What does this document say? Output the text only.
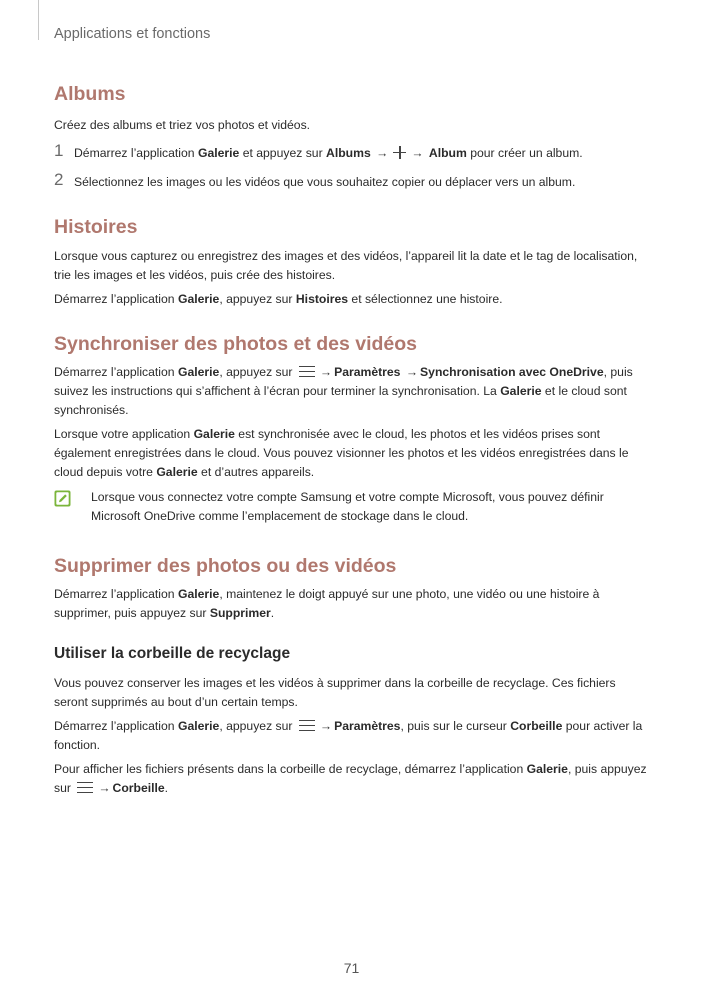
Applications et fonctions
Albums

Créez des albums et triez vos photos et vidéos.

1 Démarrez l’application Galerie et appuyez sur Albums → → Album pour créer un album.
2 Sélectionnez les images ou les vidéos que vous souhaitez copier ou déplacer vers un album.
Histoires

Lorsque vous capturez ou enregistrez des images et des vidéos, l’appareil lit la date et le tag de localisation, trie les images et les vidéos, puis crée des histoires.

Démarrez l’application Galerie, appuyez sur Histoires et sélectionnez une histoire.

Synchroniser des photos et des vidéos

Démarrez l’application Galerie, appuyez sur
→ Paramètres → Synchronisation avec OneDrive, puis suivez les instructions qui s’affichent à l’écran pour terminer la synchronisation. La Galerie et le cloud sont synchronisés.

Lorsque votre application Galerie est synchronisée avec le cloud, les photos et les vidéos prises sont également enregistrées dans le cloud. Vous pouvez visionner les photos et les vidéos enregistrées dans le cloud depuis votre Galerie et d’autres appareils.

Lorsque vous connectez votre compte Samsung et votre compte Microsoft, vous pouvez définir Microsoft OneDrive comme l’emplacement de stockage dans le cloud.

Supprimer des photos ou des vidéos

Démarrez l’application Galerie, maintenez le doigt appuyé sur une photo, une vidéo ou une histoire à supprimer, puis appuyez sur Supprimer.

Utiliser la corbeille de recyclage

Vous pouvez conserver les images et les vidéos à supprimer dans la corbeille de recyclage. Ces fichiers seront supprimés au bout d’un certain temps.

Démarrez l’application Galerie, appuyez sur
→ Paramètres, puis sur le curseur Corbeille pour activer la fonction.

Pour afficher les fichiers présents dans la corbeille de recyclage, démarrez l’application Galerie, puis appuyez sur
→ Corbeille.

71
